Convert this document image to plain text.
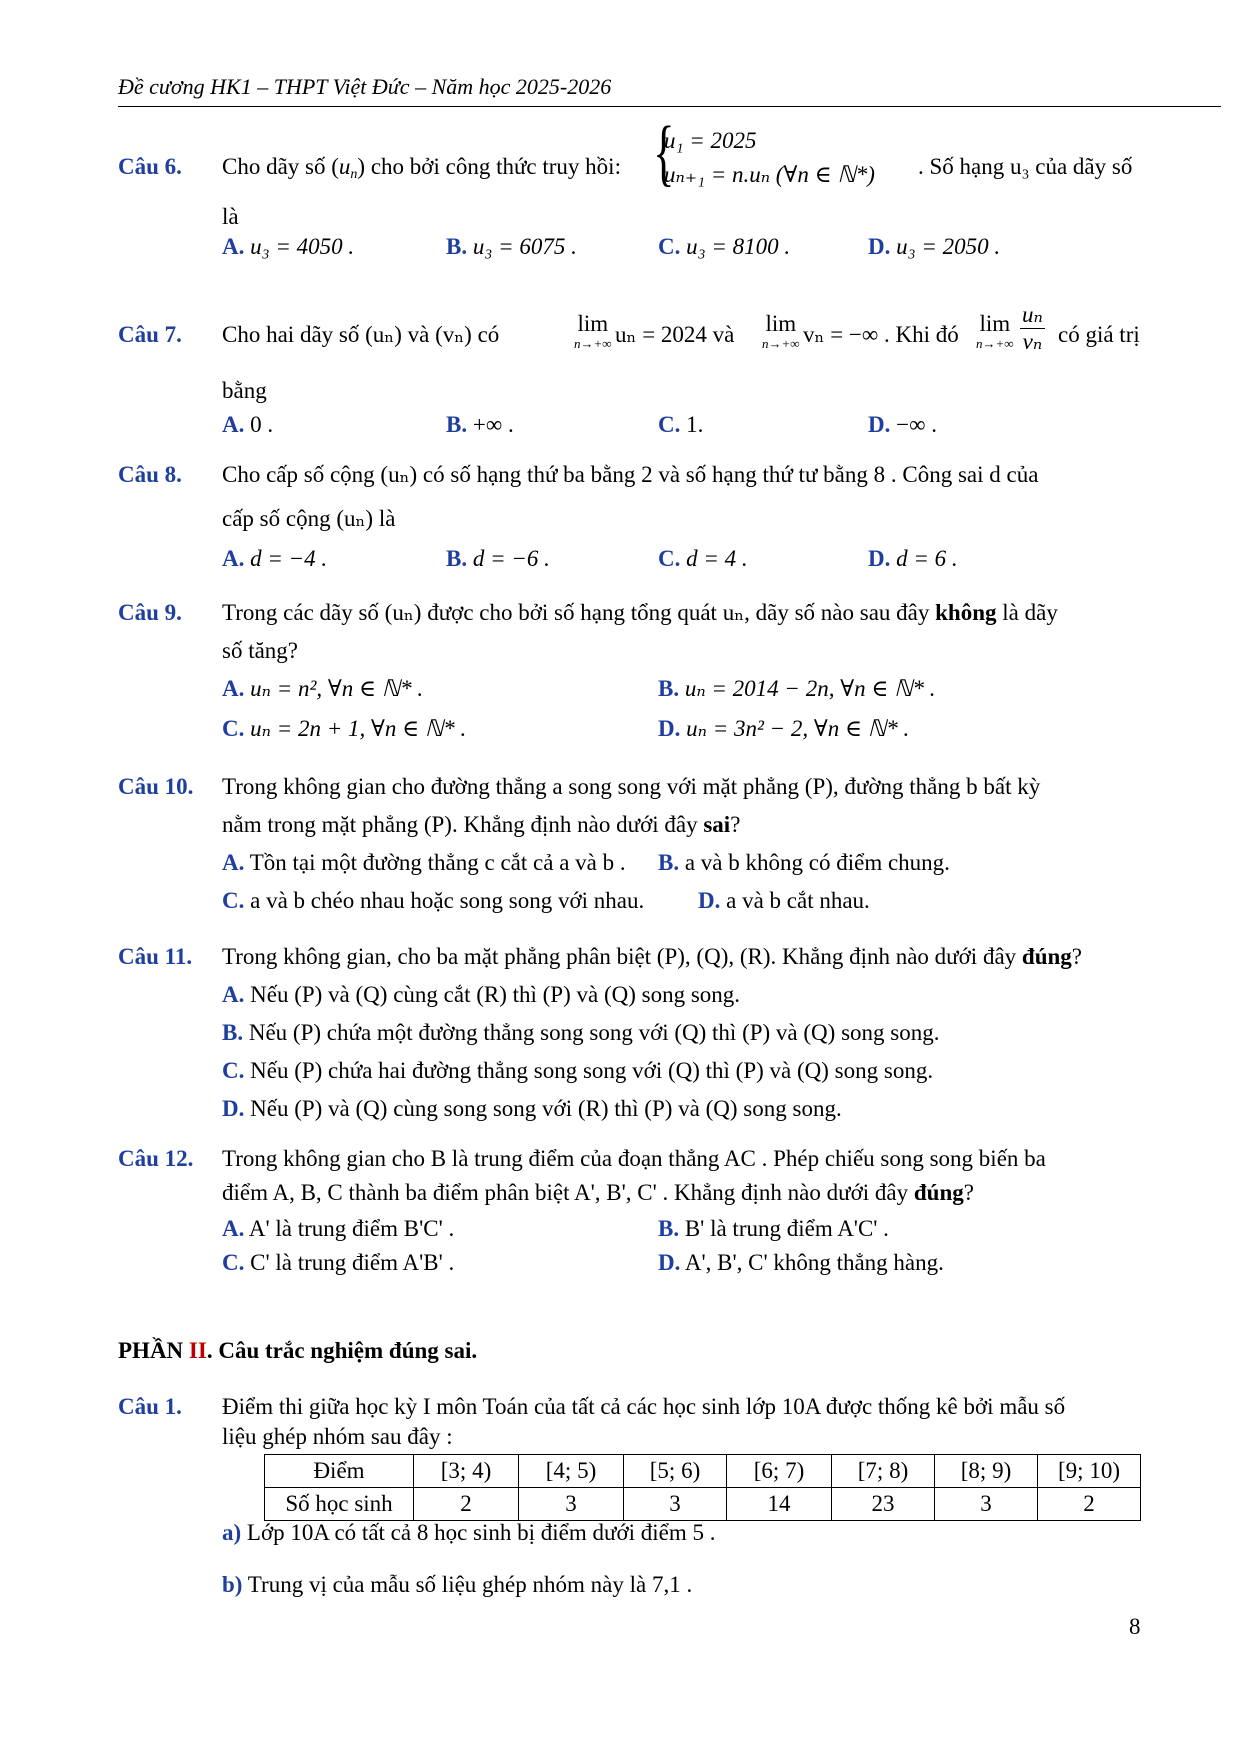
Đề cương HK1 – THPT Việt Đức – Năm học 2025-2026
Câu 6. Cho dãy số (un) cho bởi công thức truy hồi:
{ u₁ = 2025
uₙ₊₁ = n.uₙ (∀n ∈ ℕ*) . Số hạng u₃ của dãy số
là
A. u₃ = 4050 .	B. u₃ = 6075 .	C. u₃ = 8100 .	D. u₃ = 2050 .
Câu 7. Cho hai dãy số (uₙ) và (vₙ) có	lim
n→+∞ uₙ = 2024 và lim
n→+∞ vₙ = −∞ . Khi đó lim
$n\to+\infty \frac{\text{uₙ}}{\text{vₙ}}$ có giá trị
bằng
A. 0 .	B. +∞ .	C. 1.	D. −∞ .
Câu 8. Cho cấp số cộng (uₙ) có số hạng thứ ba bằng 2 và số hạng thứ tư bằng 8 . Công sai d của
cấp số cộng (uₙ) là
A. d = −4 .	B. d = −6 .	C. d = 4 .	D. d = 6 .
Câu 9. Trong các dãy số (uₙ) được cho bởi số hạng tổng quát uₙ, dãy số nào sau đây không là dãy
số tăng?
A. uₙ = n², ∀n ∈ ℕ* .	B. uₙ = 2014 − 2n, ∀n ∈ ℕ* .
C. uₙ = 2n + 1, ∀n ∈ ℕ* .	D. uₙ = 3n² − 2, ∀n ∈ ℕ* .
Câu 10. Trong không gian cho đường thẳng a song song với mặt phẳng (P), đường thẳng b bất kỳ
nằm trong mặt phẳng (P). Khẳng định nào dưới đây sai?
A. Tồn tại một đường thẳng c cắt cả a và b . B. a và b không có điểm chung.
C. a và b chéo nhau hoặc song song với nhau. D. a và b cắt nhau.
Câu 11. Trong không gian, cho ba mặt phẳng phân biệt (P), (Q), (R). Khẳng định nào dưới đây đúng?
A. Nếu (P) và (Q) cùng cắt (R) thì (P) và (Q) song song.
B. Nếu (P) chứa một đường thẳng song song với (Q) thì (P) và (Q) song song.
C. Nếu (P) chứa hai đường thẳng song song với (Q) thì (P) và (Q) song song.
D. Nếu (P) và (Q) cùng song song với (R) thì (P) và (Q) song song.
Câu 12. Trong không gian cho B là trung điểm của đoạn thẳng AC . Phép chiếu song song biến ba
điểm A, B, C thành ba điểm phân biệt A', B', C' . Khẳng định nào dưới đây đúng?
A. A' là trung điểm B'C' .	B. B' là trung điểm A'C' .
C. C' là trung điểm A'B' .	D. A', B', C' không thẳng hàng.
PHẦN II. Câu trắc nghiệm đúng sai.
Câu 1. Điểm thi giữa học kỳ I môn Toán của tất cả các học sinh lớp 10A được thống kê bởi mẫu số
liệu ghép nhóm sau đây :
a) Lớp 10A có tất cả 8 học sinh bị điểm dưới điểm 5 .
b) Trung vị của mẫu số liệu ghép nhóm này là 7,1 .
Điểm	[3; 4)	[4; 5)	[5; 6)	[6; 7)	[7; 8)	[8; 9)	[9; 10)
Số học sinh	2	3	3	14	23	3	2
8
